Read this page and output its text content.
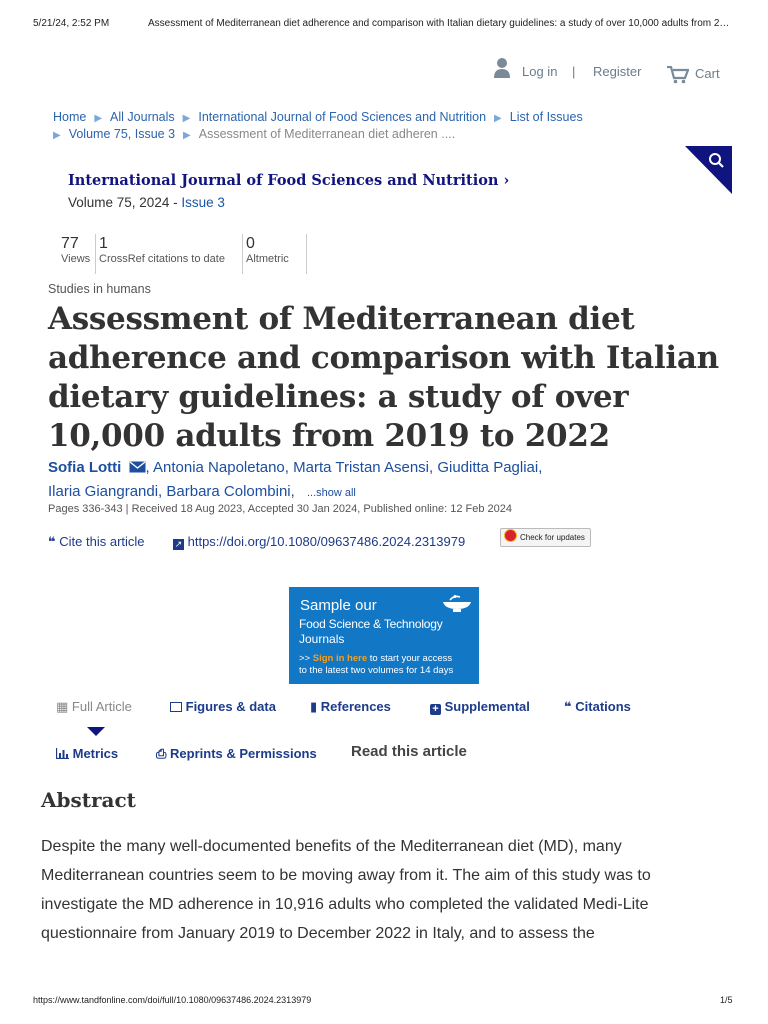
5/21/24, 2:52 PM	Assessment of Mediterranean diet adherence and comparison with Italian dietary guidelines: a study of over 10,000 adults from 2…
Log in | Register	Cart
Home ▶ All Journals ▶ International Journal of Food Sciences and Nutrition ▶ List of Issues
▶ Volume 75, Issue 3 ▶ Assessment of Mediterranean diet adheren ....
International Journal of Food Sciences and Nutrition ›
Volume 75, 2024 - Issue 3
77
Views
1
CrossRef citations to date
0
Altmetric
Studies in humans
Assessment of Mediterranean diet adherence and comparison with Italian dietary guidelines: a study of over 10,000 adults from 2019 to 2022
Sofia Lotti , Antonia Napoletano, Marta Tristan Asensi, Giuditta Pagliai,
Ilaria Giangrandi, Barbara Colombini, ...show all
Pages 336-343 | Received 18 Aug 2023, Accepted 30 Jan 2024, Published online: 12 Feb 2024
❝ Cite this article	↗ https://doi.org/10.1080/09637486.2024.2313979	Check for updates
Sample our
Food Science & Technology
Journals
>> Sign in here to start your access
to the latest two volumes for 14 days
▦ Full Article	Figures & data	▮ References	+ Supplemental	❝ Citations
Metrics	⎙ Reprints & Permissions Read this article
Abstract
Despite the many well-documented benefits of the Mediterranean diet (MD), many
Mediterranean countries seem to be moving away from it. The aim of this study was to
investigate the MD adherence in 10,916 adults who completed the validated Medi-Lite
questionnaire from January 2019 to December 2022 in Italy, and to assess the
https://www.tandfonline.com/doi/full/10.1080/09637486.2024.2313979	1/5
